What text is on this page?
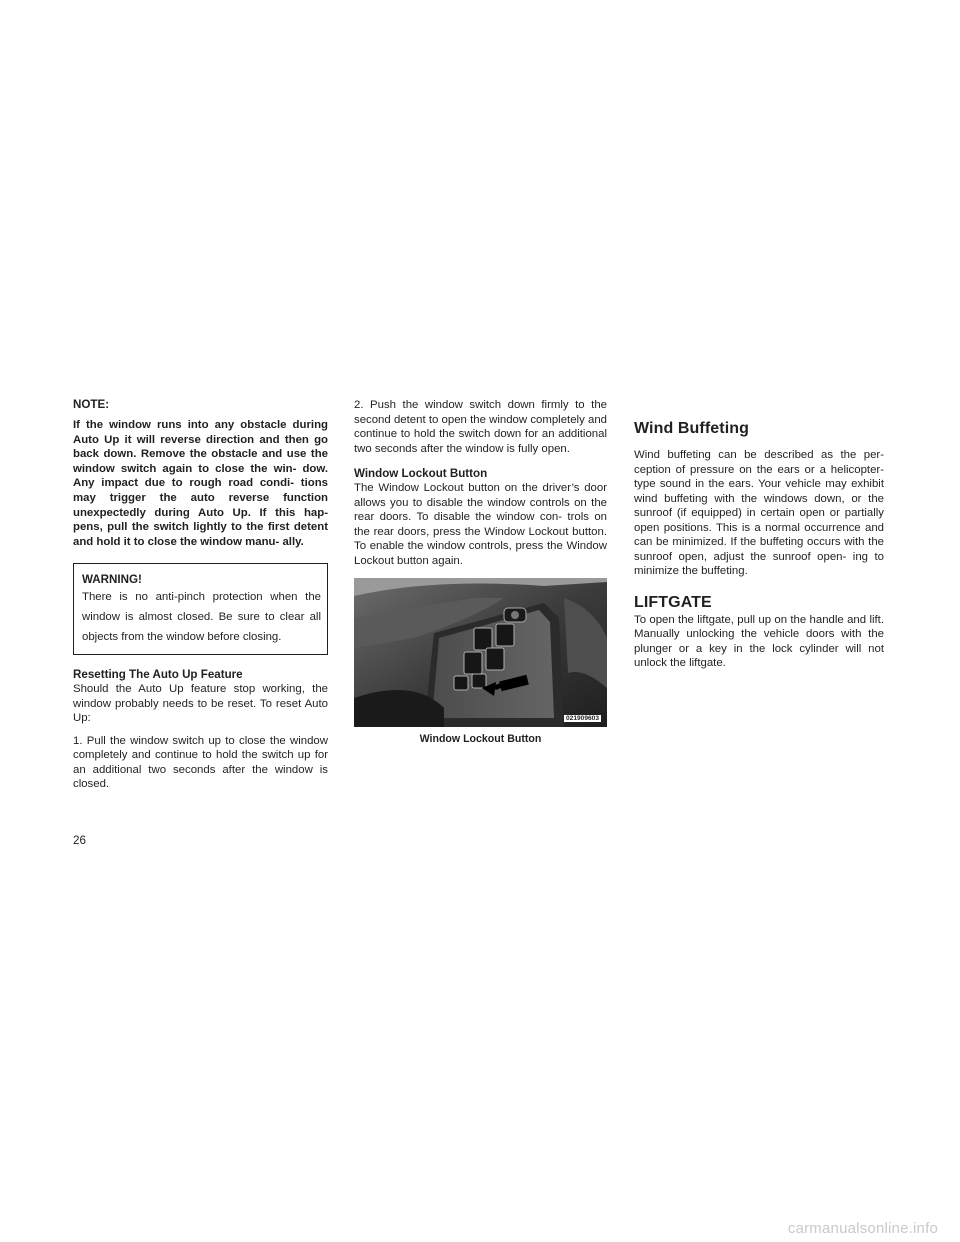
NOTE:

If the window runs into any obstacle during Auto Up it will reverse direction and then go back down. Remove the obstacle and use the window switch again to close the win- dow. Any impact due to rough road condi- tions may trigger the auto reverse function unexpectedly during Auto Up. If this hap- pens, pull the switch lightly to the first detent and hold it to close the window manu- ally.

WARNING!

There is no anti-pinch protection when the window is almost closed. Be sure to clear all objects from the window before closing.

Resetting The Auto Up Feature

Should the Auto Up feature stop working, the window probably needs to be reset. To reset Auto Up:

1. Pull the window switch up to close the window completely and continue to hold the switch up for an additional two seconds after the window is closed.

2. Push the window switch down firmly to the second detent to open the window completely and continue to hold the switch down for an additional two seconds after the window is fully open.

Window Lockout Button

The Window Lockout button on the driver’s door allows you to disable the window controls on the rear doors. To disable the window con- trols on the rear doors, press the Window Lockout button. To enable the window controls, press the Window Lockout button again.

021909603
Window Lockout Button
Wind Buffeting

Wind buffeting can be described as the per- ception of pressure on the ears or a helicopter- type sound in the ears. Your vehicle may exhibit wind buffeting with the windows down, or the sunroof (if equipped) in certain open or partially open positions. This is a normal occurrence and can be minimized. If the buffeting occurs with the sunroof open, adjust the sunroof open- ing to minimize the buffeting.

LIFTGATE

To open the liftgate, pull up on the handle and lift. Manually unlocking the vehicle doors with the plunger or a key in the lock cylinder will not unlock the liftgate.

26
carmanualsonline.info
